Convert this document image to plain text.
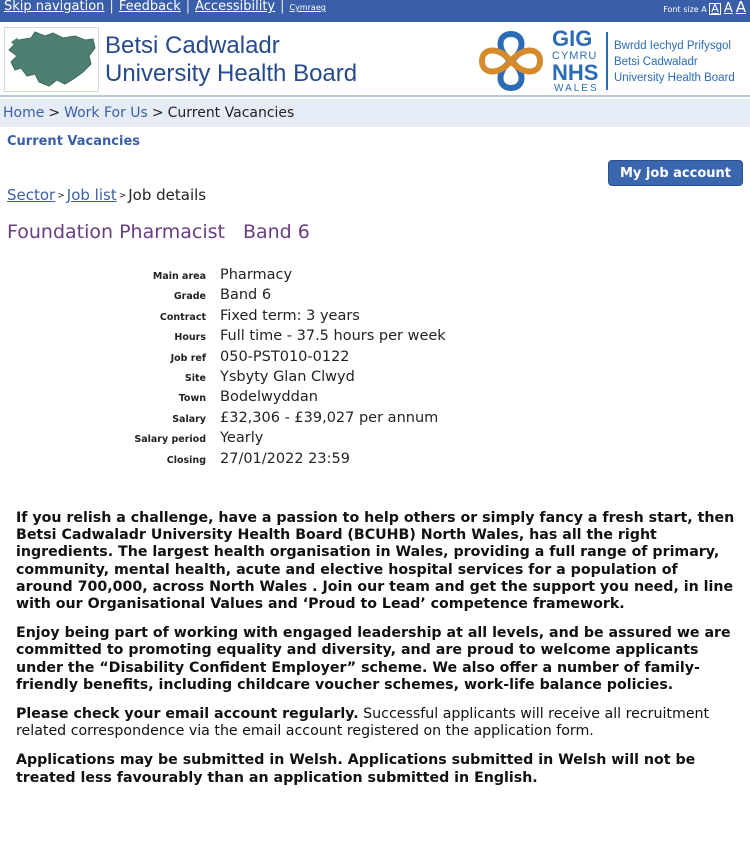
Skip navigation | Feedback | Accessibility | Cymraeg	Font size A A A A
Betsi Cadwaladr
University Health Board
GIG
CYMRU
NHS
WALES
Bwrdd Iechyd Prifysgol
Betsi Cadwaladr
University Health Board
Home > Work For Us > Current Vacancies
Current Vacancies
My job account
Sector > Job list > Job details
Foundation Pharmacist Band 6
Main area Pharmacy
Grade Band 6
Contract Fixed term: 3 years
Hours Full time - 37.5 hours per week
Job ref 050-PST010-0122
Site Ysbyty Glan Clwyd
Town Bodelwyddan
Salary £32,306 - £39,027 per annum
Salary period Yearly
Closing 27/01/2022 23:59

If you relish a challenge, have a passion to help others or simply fancy a fresh start, then Betsi Cadwaladr University Health Board (BCUHB) North Wales, has all the right ingredients. The largest health organisation in Wales, providing a full range of primary, community, mental health, acute and elective hospital services for a population of around 700,000, across North Wales . Join our team and get the support you need, in line with our Organisational Values and ‘Proud to Lead’ competence framework.

Enjoy being part of working with engaged leadership at all levels, and be assured we are committed to promoting equality and diversity, and are proud to welcome applicants under the “Disability Confident Employer” scheme. We also offer a number of family-friendly benefits, including childcare voucher schemes, work-life balance policies.

Please check your email account regularly. Successful applicants will receive all recruitment related correspondence via the email account registered on the application form.

Applications may be submitted in Welsh. Applications submitted in Welsh will not be treated less favourably than an application submitted in English.
